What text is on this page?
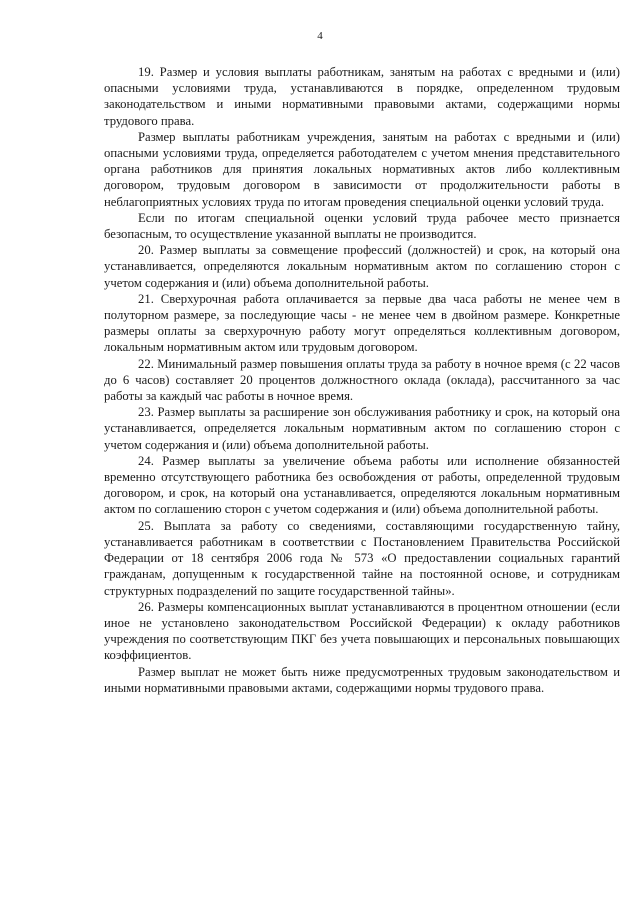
4

19. Размер и условия выплаты работникам, занятым на работах с вредными и (или) опасными условиями труда, устанавливаются в порядке, определенном трудовым законодательством и иными нормативными правовыми актами, содержащими нормы трудового права.

Размер выплаты работникам учреждения, занятым на работах с вредными и (или) опасными условиями труда, определяется работодателем с учетом мнения представительного органа работников для принятия локальных нормативных актов либо коллективным договором, трудовым договором в зависимости от продолжительности работы в неблагоприятных условиях труда по итогам проведения специальной оценки условий труда.

Если по итогам специальной оценки условий труда рабочее место признается безопасным, то осуществление указанной выплаты не производится.

20. Размер выплаты за совмещение профессий (должностей) и срок, на который она устанавливается, определяются локальным нормативным актом по соглашению сторон с учетом содержания и (или) объема дополнительной работы.

21. Сверхурочная работа оплачивается за первые два часа работы не менее чем в полуторном размере, за последующие часы - не менее чем в двойном размере. Конкретные размеры оплаты за сверхурочную работу могут определяться коллективным договором, локальным нормативным актом или трудовым договором.

22. Минимальный размер повышения оплаты труда за работу в ночное время (с 22 часов до 6 часов) составляет 20 процентов должностного оклада (оклада), рассчитанного за час работы за каждый час работы в ночное время.

23. Размер выплаты за расширение зон обслуживания работнику и срок, на который она устанавливается, определяется локальным нормативным актом по соглашению сторон с учетом содержания и (или) объема дополнительной работы.

24. Размер выплаты за увеличение объема работы или исполнение обязанностей временно отсутствующего работника без освобождения от работы, определенной трудовым договором, и срок, на который она устанавливается, определяются локальным нормативным актом по соглашению сторон с учетом содержания и (или) объема дополнительной работы.

25. Выплата за работу со сведениями, составляющими государственную тайну, устанавливается работникам в соответствии с Постановлением Правительства Российской Федерации от 18 сентября 2006 года № 573 «О предоставлении социальных гарантий гражданам, допущенным к государственной тайне на постоянной основе, и сотрудникам структурных подразделений по защите государственной тайны».

26. Размеры компенсационных выплат устанавливаются в процентном отношении (если иное не установлено законодательством Российской Федерации) к окладу работников учреждения по соответствующим ПКГ без учета повышающих и персональных повышающих коэффициентов.

Размер выплат не может быть ниже предусмотренных трудовым законодательством и иными нормативными правовыми актами, содержащими нормы трудового права.
